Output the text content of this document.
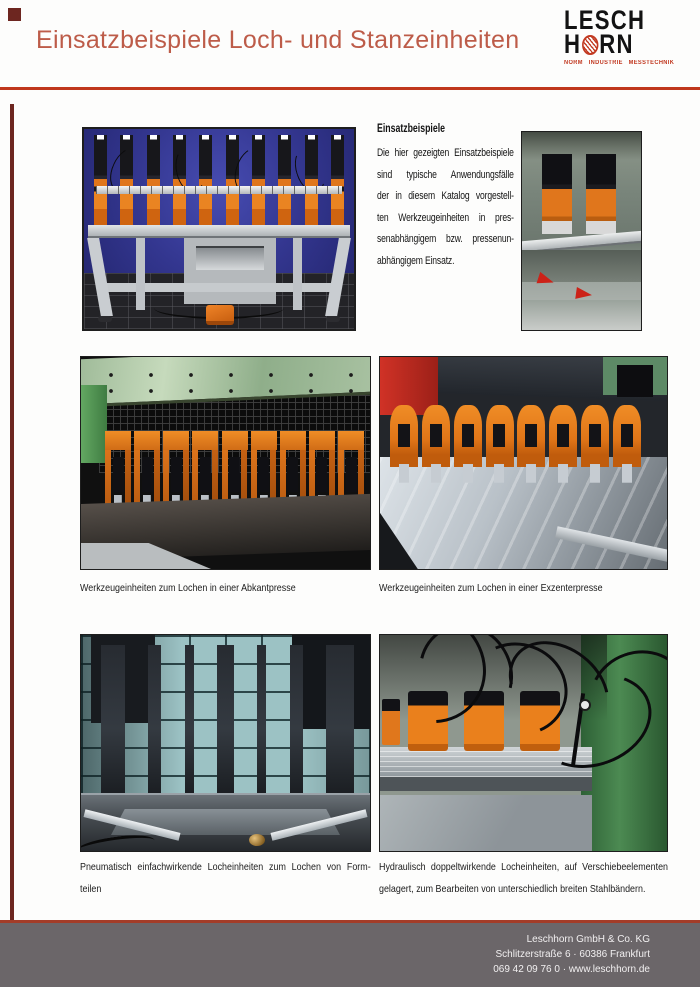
Einsatzbeispiele Loch- und Stanzeinheiten
LESCH
H RN
NORM INDUSTRIE MESSTECHNIK
Einsatzbeispiele
Die hier gezeigten Einsatzbeispiele
sind typische Anwendungsfälle
der in diesem Katalog vorgestell-
ten Werkzeugeinheiten in pres-
senabhängigem bzw. pressenun-
abhängigem Einsatz.
Werkzeugeinheiten zum Lochen in einer Abkantpresse	Werkzeugeinheiten zum Lochen in einer Exzenterpresse
Pneumatisch einfachwirkende Locheinheiten zum Lochen von Form-
teilen
Hydraulisch doppeltwirkende Locheinheiten, auf Verschiebeelementen
gelagert, zum Bearbeiten von unterschiedlich breiten Stahlbändern.
Leschhorn GmbH & Co. KG
Schlitzerstraße 6 · 60386 Frankfurt
069 42 09 76 0 · www.leschhorn.de
